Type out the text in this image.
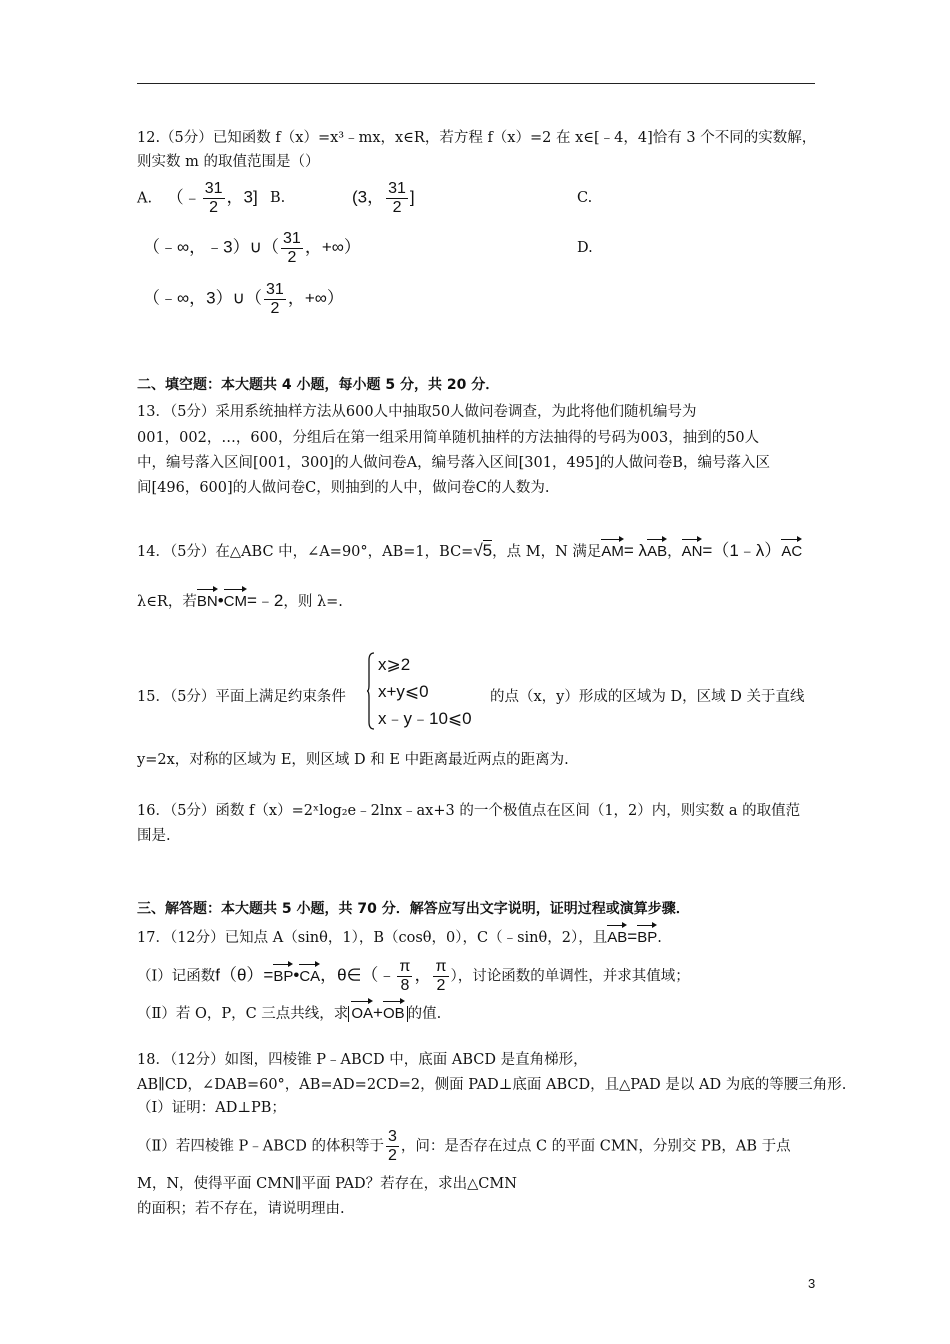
12.（5分）已知函数 f（x）=x³﹣mx，x∈R，若方程 f（x）=2 在 x∈[﹣4，4]恰有 3 个不同的实数解，
则实数 m 的取值范围是（）
A. （﹣ $\frac{31}{2}$ ，3] B.	(3， $\frac{31}{2}$ ]	C.
（﹣∞，﹣3）∪（ $\frac{31}{2}$ ，+∞）	D.
（﹣∞，3）∪（ $\frac{31}{2}$ ，+∞）
二、填空题：本大题共 4 小题，每小题 5 分，共 20 分．
13．（5分）采用系统抽样方法从600人中抽取50人做问卷调查，为此将他们随机编号为
001，002，…，600，分组后在第一组采用简单随机抽样的方法抽得的号码为003，抽到的50人
中，编号落入区间[001，300]的人做问卷A，编号落入区间[301，495]的人做问卷B，编号落入区
间[496，600]的人做问卷C，则抽到的人中，做问卷C的人数为.
14．（5分）在△ABC 中，∠A=90°，AB=1，BC=√5，点 M，N 满足AM= λAB，AN=（1﹣λ）AC
λ∈R，若BN•CM=﹣2，则 λ=.
15．（5分）平面上满足约束条件
x⩾2
x+y⩽0
x﹣y﹣10⩽0
的点（x，y）形成的区域为 D，区域 D 关于直线
y=2x，对称的区域为 E，则区域 D 和 E 中距离最近两点的距离为.
16．（5分）函数 f（x）=2ˣlog₂e﹣2lnx﹣ax+3 的一个极值点在区间（1，2）内，则实数 a 的取值范
围是.
三、解答题：本大题共 5 小题，共 70 分．解答应写出文字说明，证明过程或演算步骤．
17．（12分）已知点 A（sinθ，1），B（cosθ，0），C（﹣sinθ，2），且AB=BP.
（Ⅰ）记函数f（θ）=BP•CA，θ∈（﹣ $\frac{\pi}{8}$ ， $\frac{\pi}{2}$ ），讨论函数的单调性，并求其值域；
（Ⅱ）若 O，P，C 三点共线，求 OA+OB 的值.
18．（12分）如图，四棱锥 P﹣ABCD 中，底面 ABCD 是直角梯形，
AB∥CD，∠DAB=60°，AB=AD=2CD=2，侧面 PAD⊥底面 ABCD，且△PAD 是以 AD 为底的等腰三角形.
（Ⅰ）证明：AD⊥PB；
（Ⅱ）若四棱锥 P﹣ABCD 的体积等于 $\frac{3}{2}$ ，问：是否存在过点 C 的平面 CMN，分别交 PB，AB 于点
M，N，使得平面 CMN∥平面 PAD？若存在，求出△CMN
的面积；若不存在，请说明理由.
3
